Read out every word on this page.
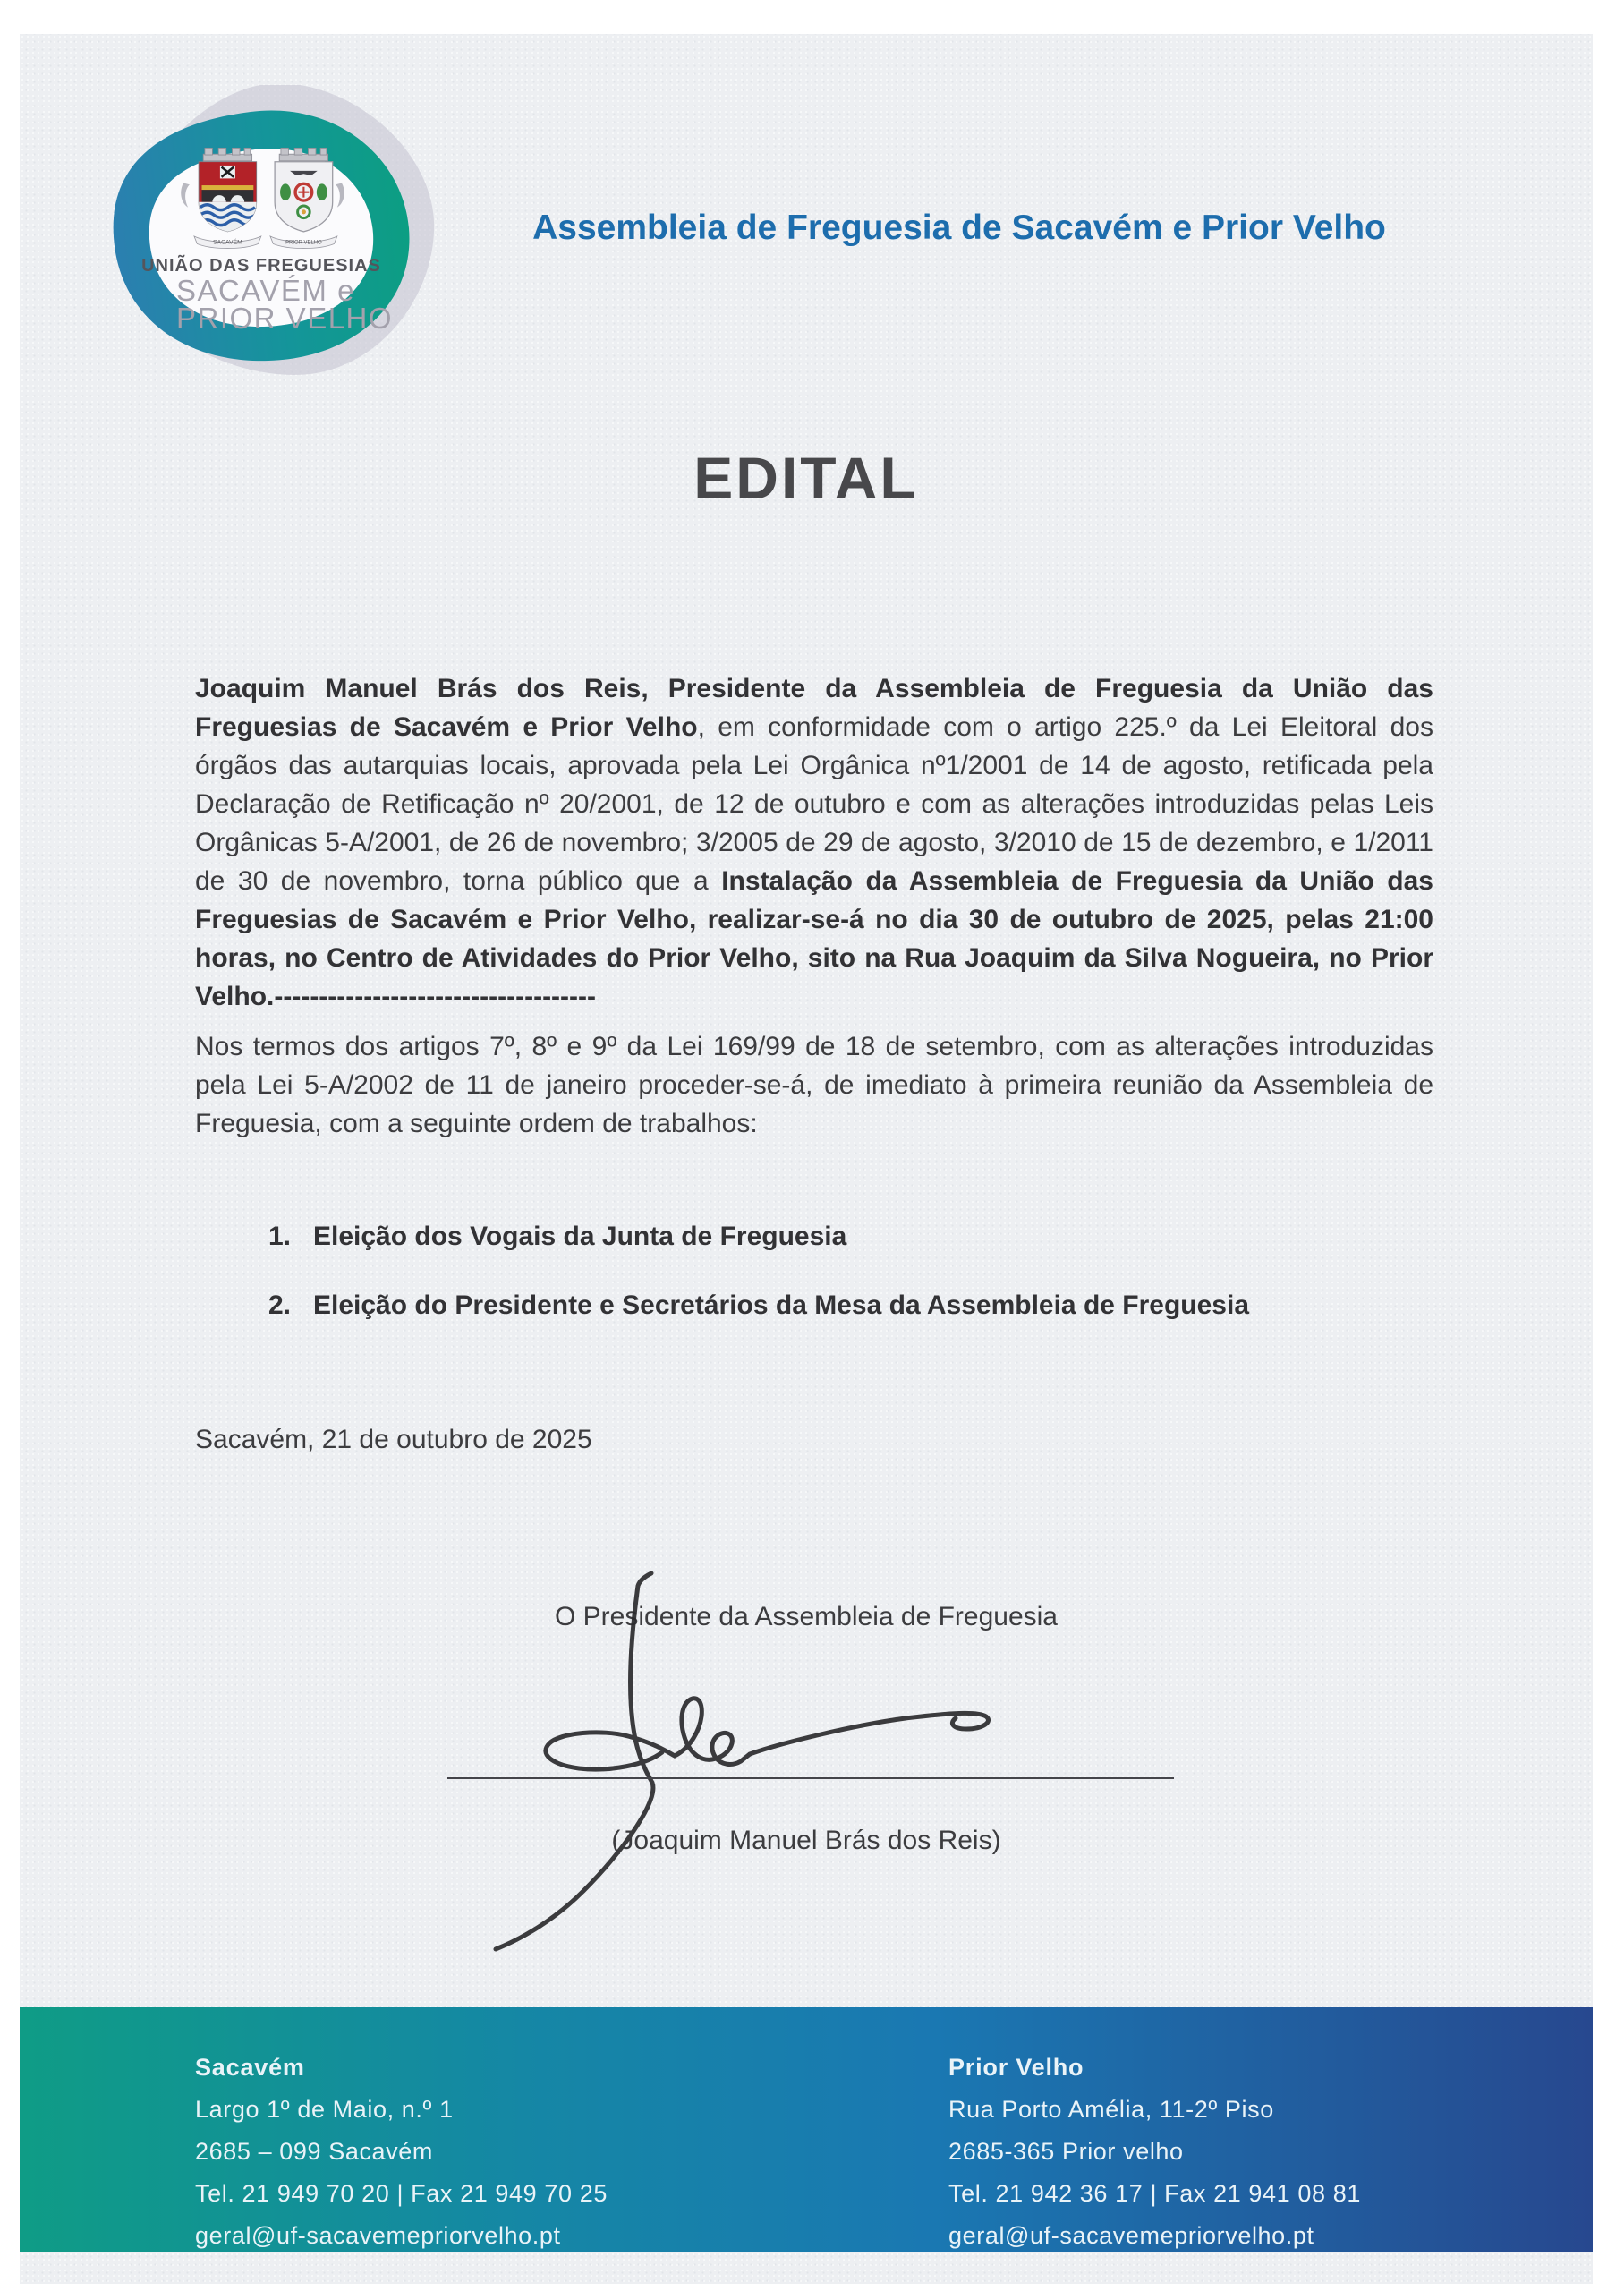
SACAVÉM	PRIOR VELHO
UNIÃO DAS FREGUESIAS
SACAVÉM e
PRIOR VELHO
Assembleia de Freguesia de Sacavém e Prior Velho
EDITAL

Joaquim Manuel Brás dos Reis, Presidente da Assembleia de Freguesia da União das Freguesias de Sacavém e Prior Velho, em conformidade com o artigo 225.º da Lei Eleitoral dos órgãos das autarquias locais, aprovada pela Lei Orgânica nº1/2001 de 14 de agosto, retificada pela Declaração de Retificação nº 20/2001, de 12 de outubro e com as alterações introduzidas pelas Leis Orgânicas 5-A/2001, de 26 de novembro; 3/2005 de 29 de agosto, 3/2010 de 15 de dezembro, e 1/2011 de 30 de novembro, torna público que a Instalação da Assembleia de Freguesia da União das Freguesias de Sacavém e Prior Velho, realizar-se-á no dia 30 de outubro de 2025, pelas 21:00 horas, no Centro de Atividades do Prior Velho, sito na Rua Joaquim da Silva Nogueira, no Prior Velho.------------------------------------

Nos termos dos artigos 7º, 8º e 9º da Lei 169/99 de 18 de setembro, com as alterações introduzidas pela Lei 5-A/2002 de 11 de janeiro proceder-se-á, de imediato à primeira reunião da Assembleia de Freguesia, com a seguinte ordem de trabalhos:

1. Eleição dos Vogais da Junta de Freguesia
2. Eleição do Presidente e Secretários da Mesa da Assembleia de Freguesia

Sacavém, 21 de outubro de 2025

O Presidente da Assembleia de Freguesia

(Joaquim Manuel Brás dos Reis)

Sacavém
Largo 1º de Maio, n.º 1
2685 – 099 Sacavém
Tel. 21 949 70 20 | Fax 21 949 70 25
geral@uf-sacavemepriorvelho.pt
Prior Velho
Rua Porto Amélia, 11-2º Piso
2685-365 Prior velho
Tel. 21 942 36 17 | Fax 21 941 08 81
geral@uf-sacavemepriorvelho.pt
